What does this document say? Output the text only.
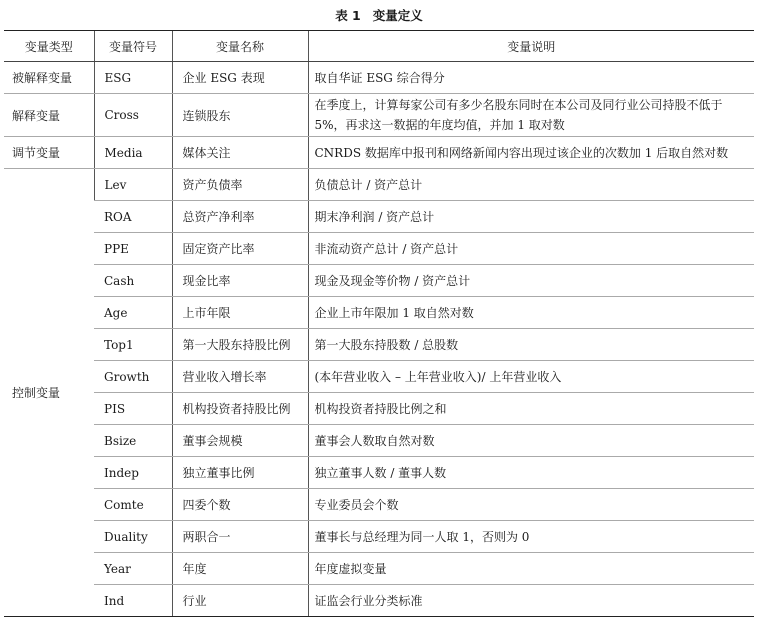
表 1 变量定义
变量类型	变量符号	变量名称	变量说明
被解释变量	ESG	企业 ESG 表现	取自华证 ESG 综合得分
解释变量	Cross	连锁股东	在季度上，计算每家公司有多少名股东同时在本公司及同行业公司持股不低于5%，再求这一数据的年度均值，并加 1 取对数
调节变量	Media	媒体关注	CNRDS 数据库中报刊和网络新闻内容出现过该企业的次数加 1 后取自然对数
控制变量	Lev	资产负债率	负债总计 / 资产总计
	ROA	总资产净利率	期末净利润 / 资产总计
	PPE	固定资产比率	非流动资产总计 / 资产总计
	Cash	现金比率	现金及现金等价物 / 资产总计
	Age	上市年限	企业上市年限加 1 取自然对数
	Top1	第一大股东持股比例	第一大股东持股数 / 总股数
	Growth	营业收入增长率	(本年营业收入 – 上年营业收入)/ 上年营业收入
	PIS	机构投资者持股比例	机构投资者持股比例之和
	Bsize	董事会规模	董事会人数取自然对数
	Indep	独立董事比例	独立董事人数 / 董事人数
	Comte	四委个数	专业委员会个数
	Duality	两职合一	董事长与总经理为同一人取 1，否则为 0
	Year	年度	年度虚拟变量
	Ind	行业	证监会行业分类标准
